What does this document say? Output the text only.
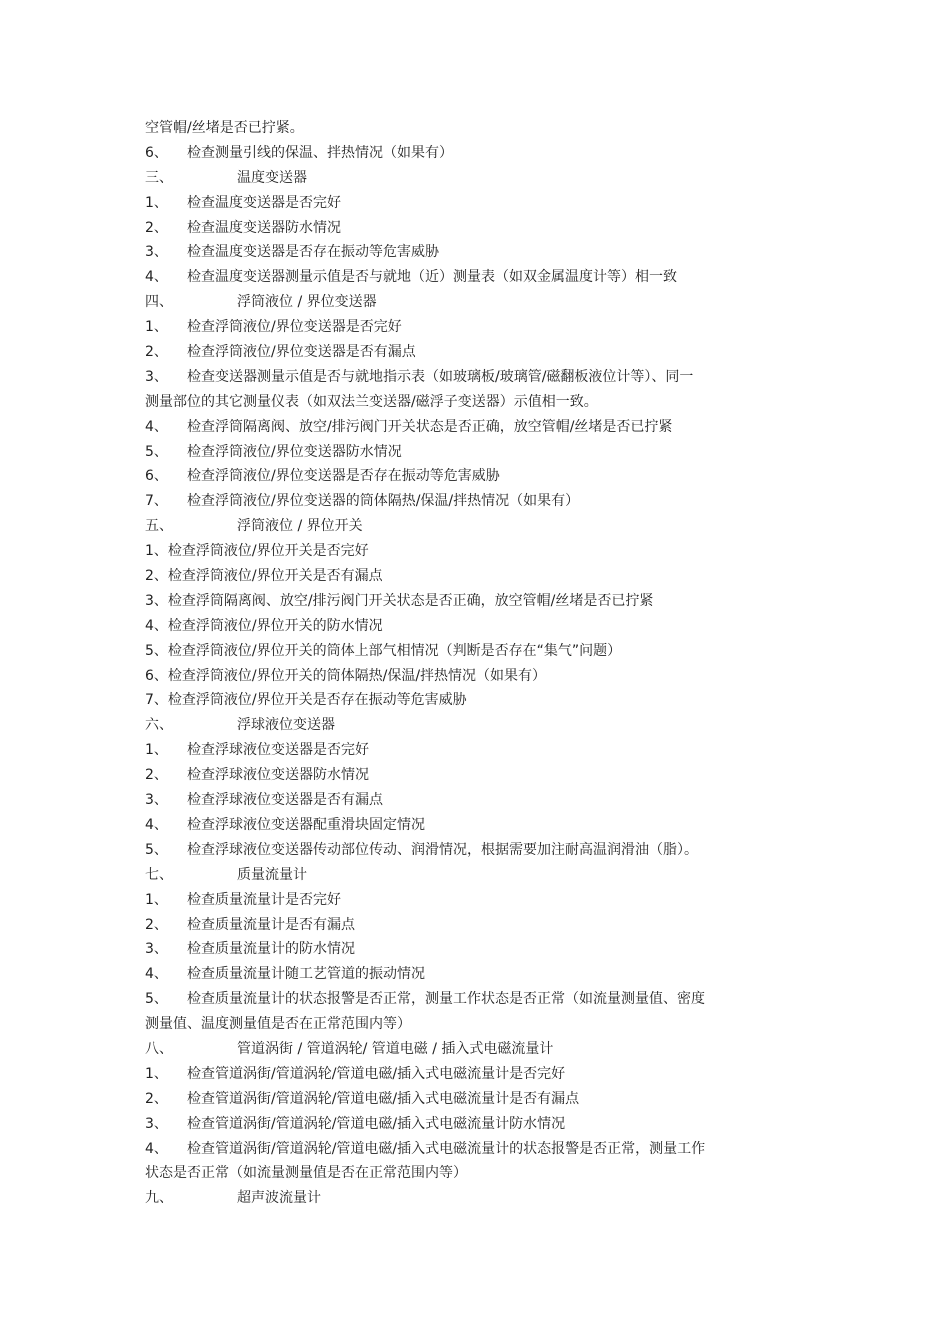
空管帽/丝堵是否已拧紧。
6、	检查测量引线的保温、拌热情况（如果有）
三、	温度变送器
1、	检查温度变送器是否完好
2、	检查温度变送器防水情况
3、	检查温度变送器是否存在振动等危害威胁
4、	检查温度变送器测量示值是否与就地（近）测量表（如双金属温度计等）相一致
四、	浮筒液位 / 界位变送器
1、	检查浮筒液位/界位变送器是否完好
2、	检查浮筒液位/界位变送器是否有漏点
3、	检查变送器测量示值是否与就地指示表（如玻璃板/玻璃管/磁翻板液位计等）、同一
测量部位的其它测量仪表（如双法兰变送器/磁浮子变送器）示值相一致。
4、	检查浮筒隔离阀、放空/排污阀门开关状态是否正确，放空管帽/丝堵是否已拧紧
5、	检查浮筒液位/界位变送器防水情况
6、	检查浮筒液位/界位变送器是否存在振动等危害威胁
7、	检查浮筒液位/界位变送器的筒体隔热/保温/拌热情况（如果有）
五、	浮筒液位 / 界位开关
1、检查浮筒液位/界位开关是否完好
2、检查浮筒液位/界位开关是否有漏点
3、检查浮筒隔离阀、放空/排污阀门开关状态是否正确，放空管帽/丝堵是否已拧紧
4、检查浮筒液位/界位开关的防水情况
5、检查浮筒液位/界位开关的筒体上部气相情况（判断是否存在“集气”问题）
6、检查浮筒液位/界位开关的筒体隔热/保温/拌热情况（如果有）
7、检查浮筒液位/界位开关是否存在振动等危害威胁
六、	浮球液位变送器
1、	检查浮球液位变送器是否完好
2、	检查浮球液位变送器防水情况
3、	检查浮球液位变送器是否有漏点
4、	检查浮球液位变送器配重滑块固定情况
5、	检查浮球液位变送器传动部位传动、润滑情况，根据需要加注耐高温润滑油（脂）。
七、	质量流量计
1、	检查质量流量计是否完好
2、	检查质量流量计是否有漏点
3、	检查质量流量计的防水情况
4、	检查质量流量计随工艺管道的振动情况
5、	检查质量流量计的状态报警是否正常，测量工作状态是否正常（如流量测量值、密度
测量值、温度测量值是否在正常范围内等）
八、	管道涡街 / 管道涡轮/ 管道电磁 / 插入式电磁流量计
1、	检查管道涡街/管道涡轮/管道电磁/插入式电磁流量计是否完好
2、	检查管道涡街/管道涡轮/管道电磁/插入式电磁流量计是否有漏点
3、	检查管道涡街/管道涡轮/管道电磁/插入式电磁流量计防水情况
4、	检查管道涡街/管道涡轮/管道电磁/插入式电磁流量计的状态报警是否正常，测量工作
状态是否正常（如流量测量值是否在正常范围内等）
九、	超声波流量计
